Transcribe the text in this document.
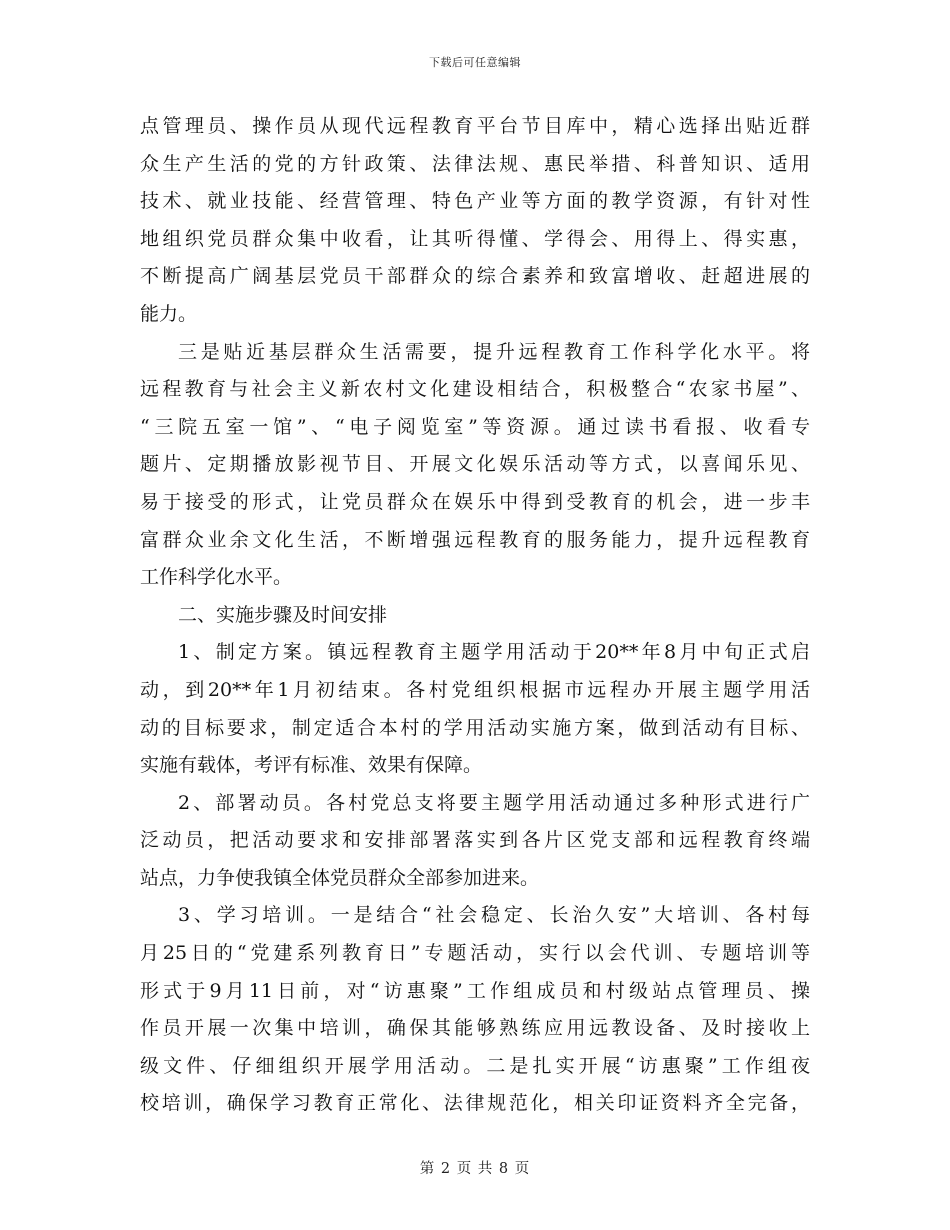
下载后可任意编辑
点管理员、操作员从现代远程教育平台节目库中，精心选择出贴近群
众生产生活的党的方针政策、法律法规、惠民举措、科普知识、适用
技术、就业技能、经营管理、特色产业等方面的教学资源，有针对性
地组织党员群众集中收看，让其听得懂、学得会、用得上、得实惠，
不断提高广阔基层党员干部群众的综合素养和致富增收、赶超进展的
能力。
三是贴近基层群众生活需要，提升远程教育工作科学化水平。将
远程教育与社会主义新农村文化建设相结合，积极整合“农家书屋”、
“三院五室一馆”、“电子阅览室”等资源。通过读书看报、收看专
题片、定期播放影视节目、开展文化娱乐活动等方式，以喜闻乐见、
易于接受的形式，让党员群众在娱乐中得到受教育的机会，进一步丰
富群众业余文化生活，不断增强远程教育的服务能力，提升远程教育
工作科学化水平。
二、实施步骤及时间安排
1、制定方案。镇远程教育主题学用活动于20**年8月中旬正式启
动，到20**年1月初结束。各村党组织根据市远程办开展主题学用活
动的目标要求，制定适合本村的学用活动实施方案，做到活动有目标、
实施有载体，考评有标准、效果有保障。
2、部署动员。各村党总支将要主题学用活动通过多种形式进行广
泛动员，把活动要求和安排部署落实到各片区党支部和远程教育终端
站点，力争使我镇全体党员群众全部参加进来。
3、学习培训。一是结合“社会稳定、长治久安”大培训、各村每
月25日的“党建系列教育日”专题活动，实行以会代训、专题培训等
形式于9月11日前，对“访惠聚”工作组成员和村级站点管理员、操
作员开展一次集中培训，确保其能够熟练应用远教设备、及时接收上
级文件、仔细组织开展学用活动。二是扎实开展“访惠聚”工作组夜
校培训，确保学习教育正常化、法律规范化，相关印证资料齐全完备，
第 2 页 共 8 页
